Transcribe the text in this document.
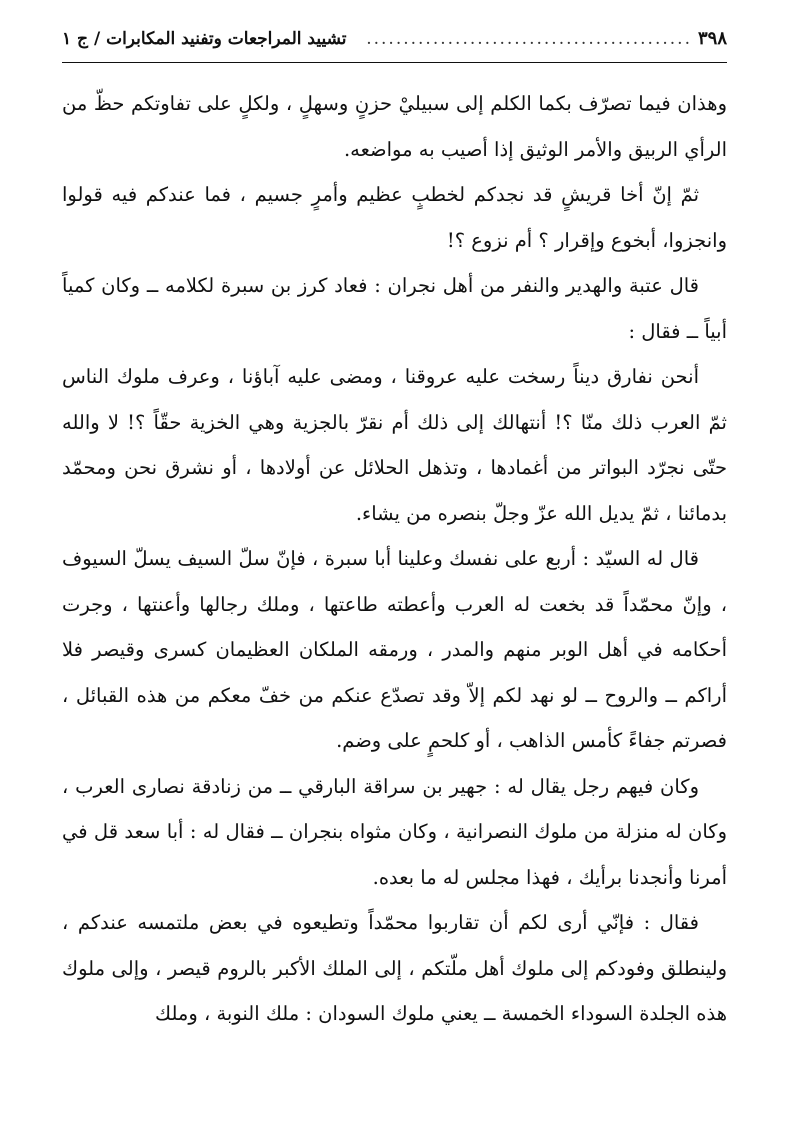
٣٩٨
............................................
تشييد المراجعات وتفنيد المكابرات / ج ١

وهذان فيما تصرّف بكما الكلم إلى سبيليْ حزنٍ وسهلٍ ، ولكلٍ على تفاوتكم حظّ من الرأي الربيق والأمر الوثيق إذا أصيب به مواضعه.

ثمّ إنّ أخا قريشٍ قد نجدكم لخطبٍ عظيم وأمرٍ جسيم ، فما عندكم فيه قولوا وانجزوا، أبخوع وإقرار ؟ أم نزوع ؟!

قال عتبة والهدير والنفر من أهل نجران : فعاد كرز بن سبرة لكلامه ــ وكان كمياً أبياً ــ فقال :

أنحن نفارق ديناً رسخت عليه عروقنا ، ومضى عليه آباؤنا ، وعرف ملوك الناس ثمّ العرب ذلك منّا ؟! أنتهالك إلى ذلك أم نقرّ بالجزية وهي الخزية حقّاً ؟! لا والله حتّى نجرّد البواتر من أغمادها ، وتذهل الحلائل عن أولادها ، أو نشرق نحن ومحمّد بدمائنا ، ثمّ يديل الله عزّ وجلّ بنصره من يشاء.

قال له السيّد : أربع على نفسك وعلينا أبا سبرة ، فإنّ سلّ السيف يسلّ السيوف ، وإنّ محمّداً قد بخعت له العرب وأعطته طاعتها ، وملك رجالها وأعنتها ، وجرت أحكامه في أهل الوبر منهم والمدر ، ورمقه الملكان العظيمان كسرى وقيصر فلا أراكم ــ والروح ــ لو نهد لكم إلاّ وقد تصدّع عنكم من خفّ معكم من هذه القبائل ، فصرتم جفاءً كأمس الذاهب ، أو كلحمٍ على وضم.

وكان فيهم رجل يقال له : جهير بن سراقة البارقي ــ من زنادقة نصارى العرب ، وكان له منزلة من ملوك النصرانية ، وكان مثواه بنجران ــ فقال له : أبا سعد قل في أمرنا وأنجدنا برأيك ، فهذا مجلس له ما بعده.

فقال : فإنّي أرى لكم أن تقاربوا محمّداً وتطيعوه في بعض ملتمسه عندكم ، ولينطلق وفودكم إلى ملوك أهل ملّتكم ، إلى الملك الأكبر بالروم قيصر ، وإلى ملوك هذه الجلدة السوداء الخمسة ــ يعني ملوك السودان : ملك النوبة ، وملك
